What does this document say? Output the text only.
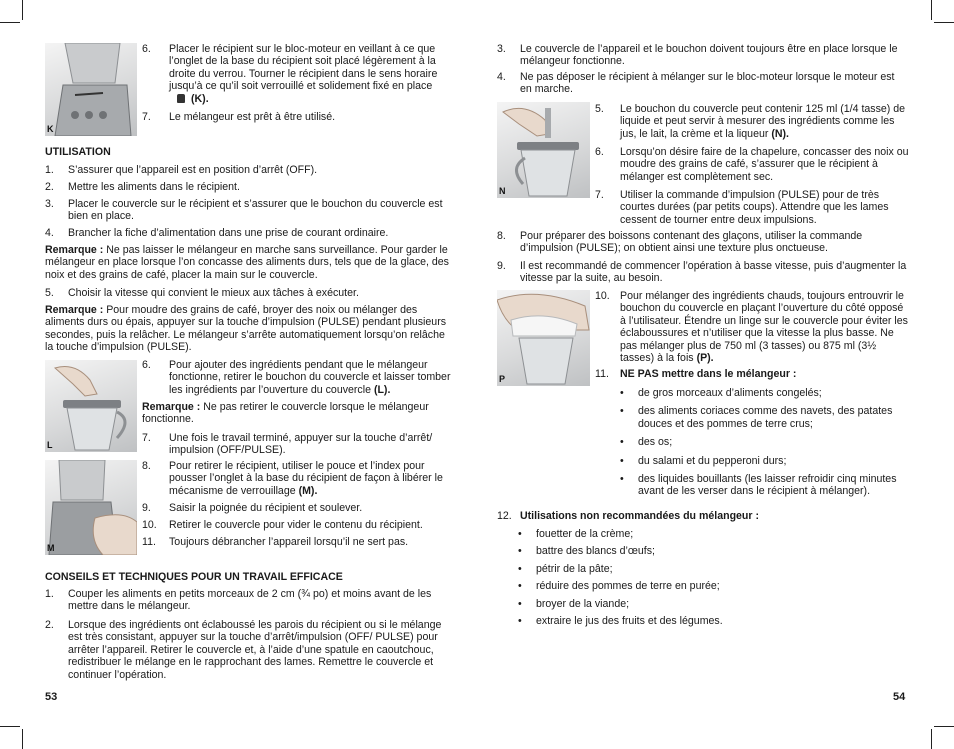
K
6. Placer le récipient sur le bloc-moteur en veillant à ce que l’onglet de la base du récipient soit placé légèrement à la droite du verrou. Tourner le récipient dans le sens horaire jusqu’à ce qu’il soit verrouillé et solidement fixé en place(K).
7. Le mélangeur est prêt à être utilisé.
UTILISATION
1. S’assurer que l’appareil est en position d’arrêt (OFF).
2. Mettre les aliments dans le récipient.
3. Placer le couvercle sur le récipient et s’assurer que le bouchon du couvercle est bien en place.
4. Brancher la fiche d’alimentation dans une prise de courant ordinaire.
Remarque : Ne pas laisser le mélangeur en marche sans surveillance. Pour garder le mélangeur en place lorsque l’on concasse des aliments durs, tels que de la glace, des noix et des grains de café, placer la main sur le couvercle.
5. Choisir la vitesse qui convient le mieux aux tâches à exécuter.
Remarque : Pour moudre des grains de café, broyer des noix ou mélanger des aliments durs ou épais, appuyer sur la touche d’impulsion (PULSE) pendant plusieurs secondes, puis la relâcher. Le mélangeur s’arrête automatiquement lorsqu’on relâche la touche d’impulsion (PULSE).
L
6. Pour ajouter des ingrédients pendant que le mélangeur fonctionne, retirer le bouchon du couvercle et laisser tomber les ingrédients par l’ouverture du couvercle (L).
Remarque : Ne pas retirer le couvercle lorsque le mélangeur fonctionne.
7. Une fois le travail terminé, appuyer sur la touche d’arrêt/ impulsion (OFF/PULSE).
M
8. Pour retirer le récipient, utiliser le pouce et l’index pour pousser l’onglet à la base du récipient de façon à libérer le mécanisme de verrouillage (M).
9. Saisir la poignée du récipient et soulever.
10. Retirer le couvercle pour vider le contenu du récipient.
11. Toujours débrancher l’appareil lorsqu’il ne sert pas.
CONSEILS ET TECHNIQUES POUR UN TRAVAIL EFFICACE
1. Couper les aliments en petits morceaux de 2 cm (¾ po) et moins avant de les mettre dans le mélangeur.
2. Lorsque des ingrédients ont éclaboussé les parois du récipient ou si le mélange est très consistant, appuyer sur la touche d’arrêt/impulsion (OFF/ PULSE) pour arrêter l’appareil. Retirer le couvercle et, à l’aide d’une spatule en caoutchouc, redistribuer le mélange en le rapprochant des lames. Remettre le couvercle et continuer l’opération.
53
3. Le couvercle de l’appareil et le bouchon doivent toujours être en place lorsque le mélangeur fonctionne.
4. Ne pas déposer le récipient à mélanger sur le bloc-moteur lorsque le moteur est en marche.
N
5. Le bouchon du couvercle peut contenir 125 ml (1/4 tasse) de liquide et peut servir à mesurer des ingrédients comme les jus, le lait, la crème et la liqueur (N).
6. Lorsqu’on désire faire de la chapelure, concasser des noix ou moudre des grains de café, s’assurer que le récipient à mélanger est complètement sec.
7. Utiliser la commande d’impulsion (PULSE) pour de très courtes durées (par petits coups). Attendre que les lames cessent de tourner entre deux impulsions.
8. Pour préparer des boissons contenant des glaçons, utiliser la commande d’impulsion (PULSE); on obtient ainsi une texture plus onctueuse.
9. Il est recommandé de commencer l’opération à basse vitesse, puis d’augmenter la vitesse par la suite, au besoin.
P
10. Pour mélanger des ingrédients chauds, toujours entrouvrir le bouchon du couvercle en plaçant l’ouverture du côté opposé à l’utilisateur. Étendre un linge sur le couvercle pour éviter les éclaboussures et n’utiliser que la vitesse la plus basse. Ne pas mélanger plus de 750 ml (3 tasses) ou 875 ml (3½ tasses) à la fois (P).
11. NE PAS mettre dans le mélangeur :
• de gros morceaux d’aliments congelés;
• des aliments coriaces comme des navets, des patates douces et des pommes de terre crus;
• des os;
• du salami et du pepperoni durs;
• des liquides bouillants (les laisser refroidir cinq minutes avant de les verser dans le récipient à mélanger).
12. Utilisations non recommandées du mélangeur :
• fouetter de la crème;
• battre des blancs d’œufs;
• pétrir de la pâte;
• réduire des pommes de terre en purée;
• broyer de la viande;
• extraire le jus des fruits et des légumes.
54
